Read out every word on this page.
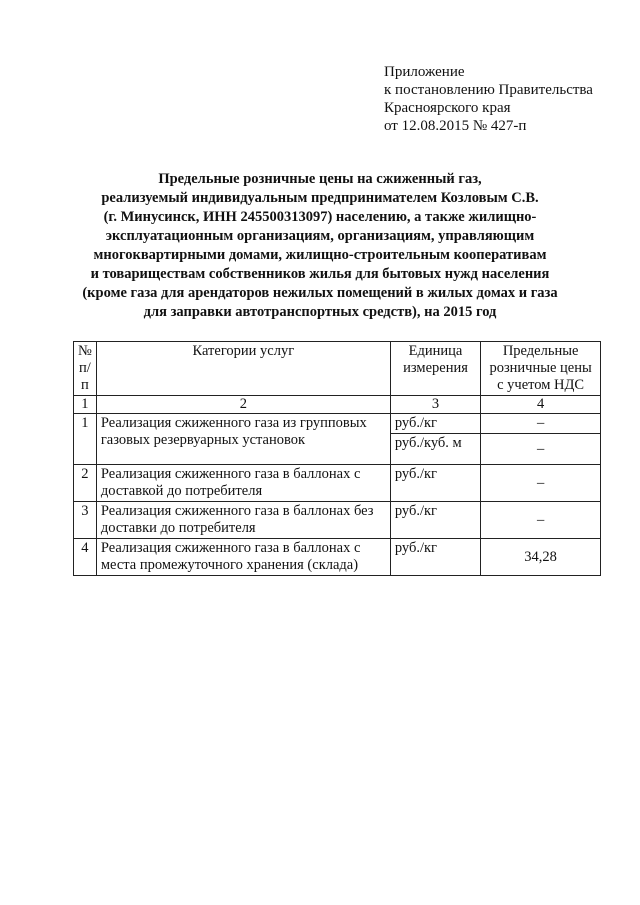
Приложение
к постановлению Правительства
Красноярского края
от 12.08.2015 № 427-п
Предельные розничные цены на сжиженный газ,
реализуемый индивидуальным предпринимателем Козловым С.В.
(г. Минусинск, ИНН 245500313097) населению, а также жилищно-
эксплуатационным организациям, организациям, управляющим
многоквартирными домами, жилищно-строительным кооперативам
и товариществам собственников жилья для бытовых нужд населения
(кроме газа для арендаторов нежилых помещений в жилых домах и газа
для заправки автотранспортных средств), на 2015 год
№ п/п	Категории услуг	Единица измерения	Предельные розничные цены с учетом НДС
1	2	3	4
1	Реализация сжиженного газа из групповых газовых резервуарных установок	руб./кг	–
		руб./куб. м	–
2	Реализация сжиженного газа в баллонах с доставкой до потребителя	руб./кг	–
3	Реализация сжиженного газа в баллонах без доставки до потребителя	руб./кг	–
4	Реализация сжиженного газа в баллонах с места промежуточного хранения (склада)	руб./кг	34,28
